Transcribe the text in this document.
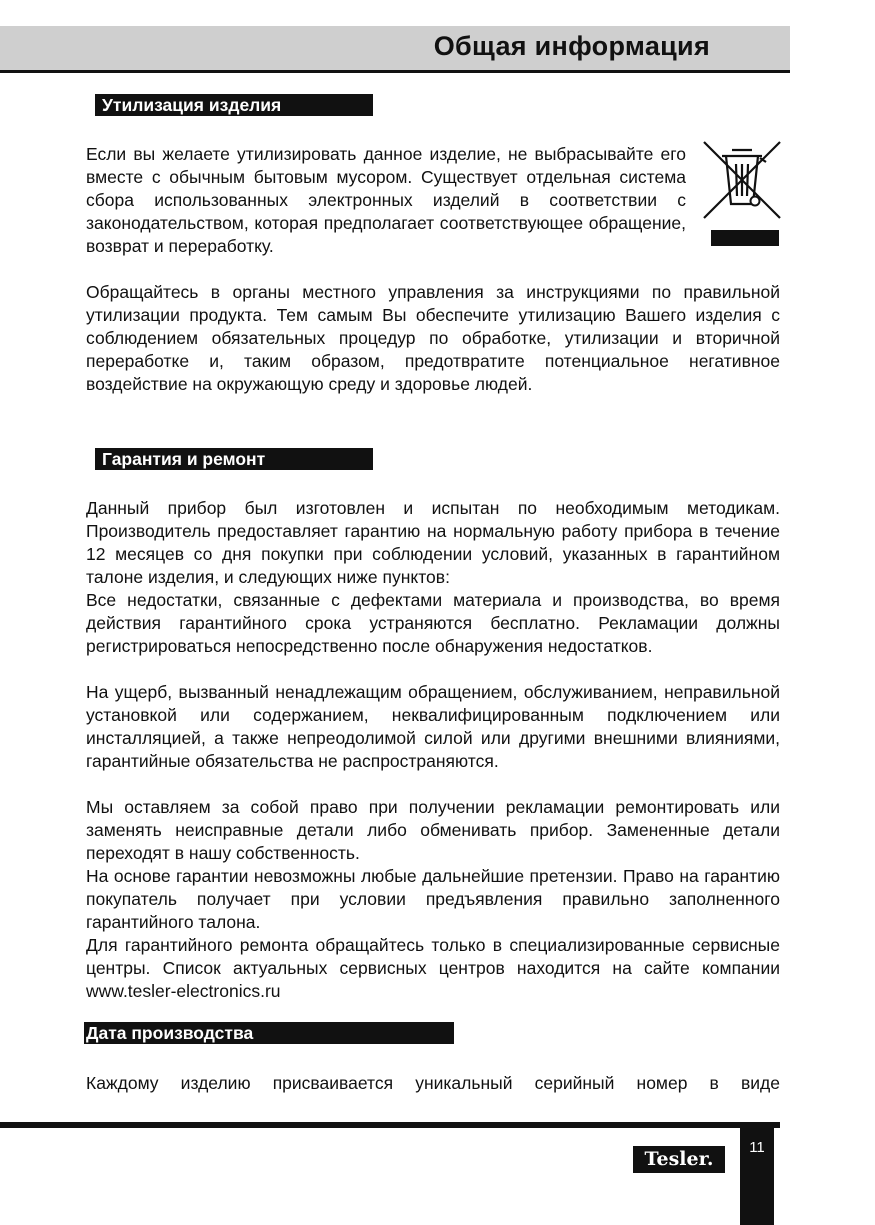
Общая информация
Утилизация изделия

Если вы желаете утилизировать данное изделие, не выбрасывайте его вместе с обычным бытовым мусором. Существует отдельная система сбора использованных электронных изделий в соответствии с законодательством, которая предполагает соответствующее обращение, возврат и переработку.

Обращайтесь в органы местного управления за инструкциями по правильной утилизации продукта. Тем самым Вы обеспечите утилизацию Вашего изделия с соблюдением обязательных процедур по обработке, утилизации и вторичной переработке и, таким образом, предотвратите потенциальное негативное воздействие на окружающую среду и здоровье людей.

Гарантия и ремонт

Данный прибор был изготовлен и испытан по необходимым методикам. Производитель предоставляет гарантию на нормальную работу прибора в течение 12 месяцев со дня покупки при соблюдении условий, указанных в гарантийном талоне изделия, и следующих ниже пунктов:

Все недостатки, связанные с дефектами материала и производства, во время действия гарантийного срока устраняются бесплатно. Рекламации должны регистрироваться непосредственно после обнаружения недостатков.

На ущерб, вызванный ненадлежащим обращением, обслуживанием, неправильной установкой или содержанием, неквалифицированным подключением или инсталляцией, а также непреодолимой силой или другими внешними влияниями, гарантийные обязательства не распространяются.

Мы оставляем за собой право при получении рекламации ремонтировать или заменять неисправные детали либо обменивать прибор. Замененные детали переходят в нашу собственность.

На основе гарантии невозможны любые дальнейшие претензии. Право на гарантию покупатель получает при условии предъявления правильно заполненного гарантийного талона.

Для гарантийного ремонта обращайтесь только в специализированные сервисные центры. Список актуальных сервисных центров находится на сайте компании www.tesler-electronics.ru

Дата производства

Каждому изделию присваивается уникальный серийный номер в виде

11
Tesler.
